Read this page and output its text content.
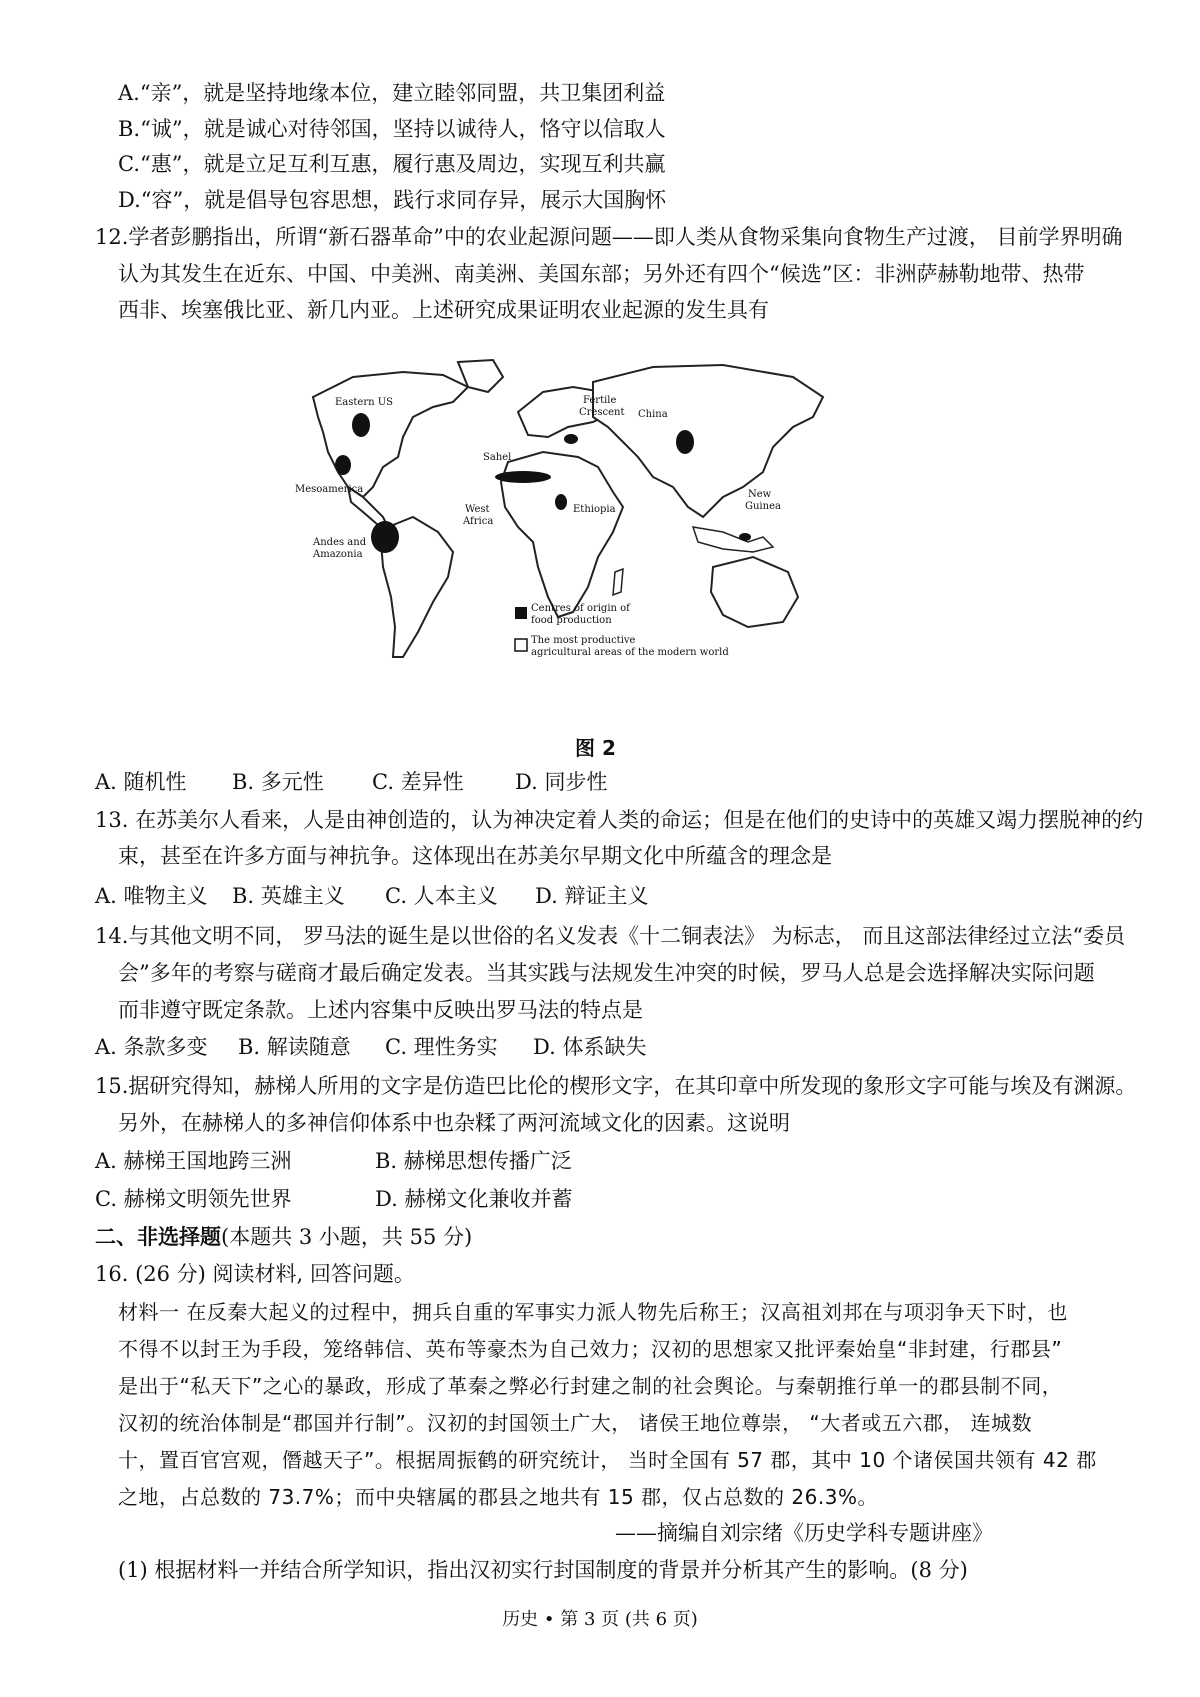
A.“亲”，就是坚持地缘本位，建立睦邻同盟，共卫集团利益
B.“诚”，就是诚心对待邻国，坚持以诚待人，恪守以信取人
C.“惠”，就是立足互利互惠，履行惠及周边，实现互利共赢
D.“容”，就是倡导包容思想，践行求同存异，展示大国胸怀
12.学者彭鹏指出，所谓“新石器革命”中的农业起源问题——即人类从食物采集向食物生产过渡， 目前学界明确
认为其发生在近东、中国、中美洲、南美洲、美国东部；另外还有四个“候选”区：非洲萨赫勒地带、热带
西非、埃塞俄比亚、新几内亚。上述研究成果证明农业起源的发生具有
Eastern US	Fertile
Crescent China
Sahel
Mesoamerica
West
Africa
Ethiopia
New
Guinea
Andes and
Amazonia
Centres of origin of
food production
The most productive
agricultural areas of the modern world
图 2
A. 随机性 B. 多元性 C. 差异性 D. 同步性
13. 在苏美尔人看来，人是由神创造的，认为神决定着人类的命运；但是在他们的史诗中的英雄又竭力摆脱神的约
束，甚至在许多方面与神抗争。这体现出在苏美尔早期文化中所蕴含的理念是
A. 唯物主义 B. 英雄主义 C. 人本主义 D. 辩证主义
14.与其他文明不同， 罗马法的诞生是以世俗的名义发表《十二铜表法》 为标志， 而且这部法律经过立法“委员
会”多年的考察与磋商才最后确定发表。当其实践与法规发生冲突的时候，罗马人总是会选择解决实际问题
而非遵守既定条款。上述内容集中反映出罗马法的特点是
A. 条款多变 B. 解读随意 C. 理性务实 D. 体系缺失
15.据研究得知，赫梯人所用的文字是仿造巴比伦的楔形文字，在其印章中所发现的象形文字可能与埃及有渊源。
另外，在赫梯人的多神信仰体系中也杂糅了两河流域文化的因素。这说明
A. 赫梯王国地跨三洲	B. 赫梯思想传播广泛
C. 赫梯文明领先世界	D. 赫梯文化兼收并蓄
二、非选择题(本题共 3 小题，共 55 分)
16. (26 分) 阅读材料, 回答问题。
材料一 在反秦大起义的过程中，拥兵自重的军事实力派人物先后称王；汉高祖刘邦在与项羽争天下时，也
不得不以封王为手段，笼络韩信、英布等豪杰为自己效力；汉初的思想家又批评秦始皇“非封建，行郡县”
是出于“私天下”之心的暴政，形成了革秦之弊必行封建之制的社会舆论。与秦朝推行单一的郡县制不同，
汉初的统治体制是“郡国并行制”。汉初的封国领土广大， 诸侯王地位尊崇， “大者或五六郡， 连城数
十，置百官宫观，僭越天子”。根据周振鹤的研究统计， 当时全国有 57 郡，其中 10 个诸侯国共领有 42 郡
之地，占总数的 73.7%；而中央辖属的郡县之地共有 15 郡，仅占总数的 26.3%。
——摘编自刘宗绪《历史学科专题讲座》
(1) 根据材料一并结合所学知识，指出汉初实行封国制度的背景并分析其产生的影响。(8 分)
历史 • 第 3 页 (共 6 页)
